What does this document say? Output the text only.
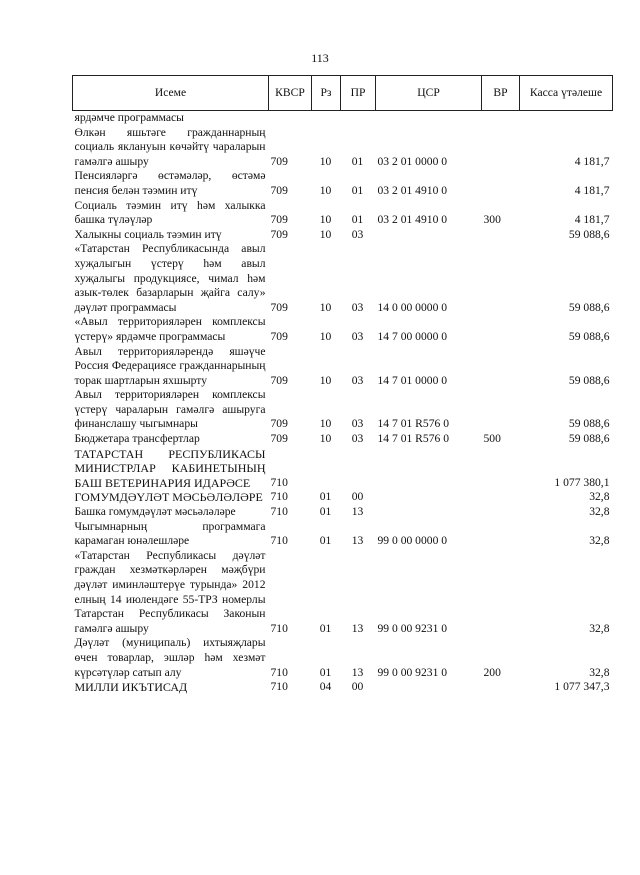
113
Исеме	КВСР	Рз	ПР	ЦСР	ВР	Касса үтәлеше
ярдәмче программасы						
Өлкән яшьтәге гражданнарның социаль яклануын көчәйтү чараларын гамәлгә ашыру	709	10	01	03 2 01 0000 0		4 181,7
Пенсияләргә өстәмәләр, өстәмә пенсия белән тәэмин итү	709	10	01	03 2 01 4910 0		4 181,7
Социаль тәэмин итү һәм халыкка башка түләүләр	709	10	01	03 2 01 4910 0	300	4 181,7
Халыкны социаль тәэмин итү	709	10	03			59 088,6
«Татарстан Республикасында авыл хуҗалыгын үстерү һәм авыл хуҗалыгы продукциясе, чимал һәм азык-төлек базарларын җайга салу» дәүләт программасы	709	10	03	14 0 00 0000 0		59 088,6
«Авыл территорияләрен комплексы үстерү» ярдәмче программасы	709	10	03	14 7 00 0000 0		59 088,6
Авыл территорияләрендә яшәүче Россия Федерациясе гражданнарының торак шартларын яхшырту	709	10	03	14 7 01 0000 0		59 088,6
Авыл территорияләрен комплексы үстерү чараларын гамәлгә ашыруга финанслашу чыгымнары	709	10	03	14 7 01 R576 0		59 088,6
Бюджетара трансфертлар	709	10	03	14 7 01 R576 0	500	59 088,6
ТАТАРСТАН РЕСПУБЛИКАСЫ МИНИСТРЛАР КАБИНЕТЫНЫҢ БАШ ВЕТЕРИНАРИЯ ИДАРӘСЕ	710					1 077 380,1
ГОМУМДӘҮЛӘТ МӘСЬӘЛӘЛӘРЕ	710	01	00			32,8
Башка гомумдәүләт мәсьәләләре	710	01	13			32,8
Чыгымнарның программага карамаган юнәлешләре	710	01	13	99 0 00 0000 0		32,8
«Татарстан Республикасы дәүләт граждан хезмәткәрләрен мәҗбүри дәүләт иминләштерүе турында» 2012 елның 14 июлендәге 55-ТРЗ номерлы Татарстан Республикасы Законын гамәлгә ашыру	710	01	13	99 0 00 9231 0		32,8
Дәүләт (муниципаль) ихтыяҗлары өчен товарлар, эшләр һәм хезмәт күрсәтүләр сатып алу	710	01	13	99 0 00 9231 0	200	32,8
МИЛЛИ ИКЪТИСАД	710	04	00			1 077 347,3
